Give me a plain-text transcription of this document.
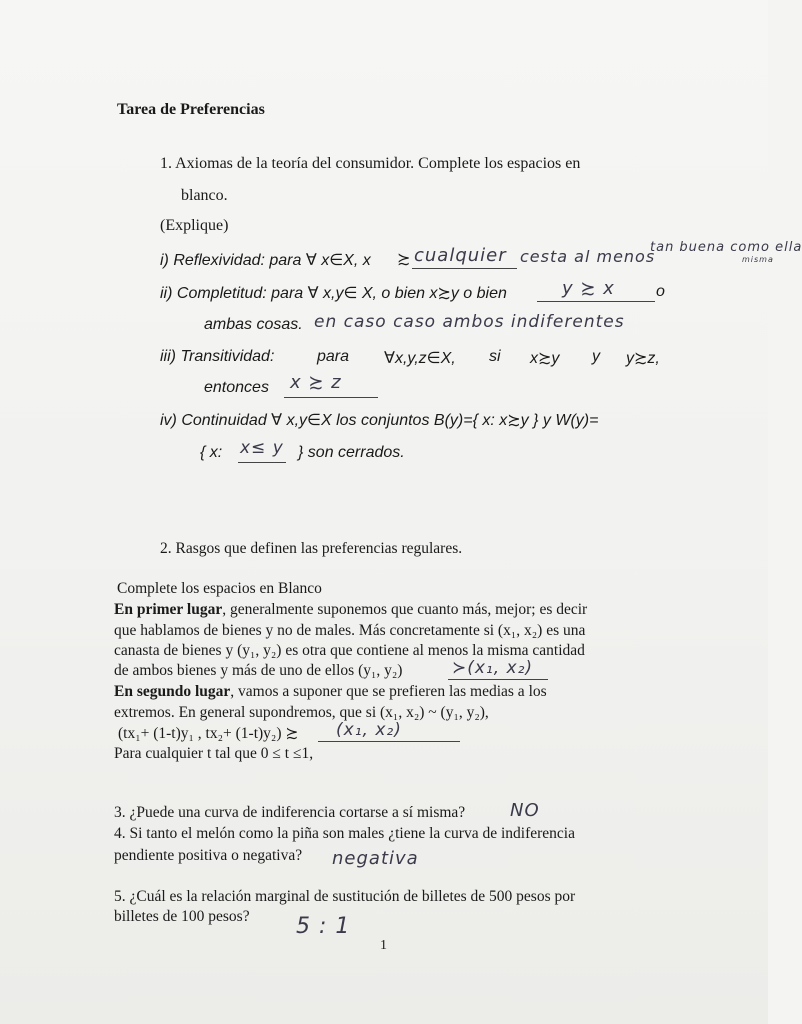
Tarea de Preferencias
1. Axiomas de la teoría del consumidor. Complete los espacios en
blanco.
(Explique)
i) Reflexividad: para ∀ x∈X, x ≿ cualquier cesta al menos
tan buena como ella
misma
ii) Completitud: para ∀ x,y∈ X, o bien x≿y o bien	y ≿ x	o
ambas cosas. en caso caso ambos indiferentes
iii) Transitividad:	para ∀x,y,z∈X, si x≿y y y≿z,
entonces x ≿ z
iv) Continuidad ∀ x,y∈X los conjuntos B(y)={ x: x≿y } y W(y)=
{ x: x≤ y } son cerrados.
2. Rasgos que definen las preferencias regulares.
Complete los espacios en Blanco
En primer lugar, generalmente suponemos que cuanto más, mejor; es decir
que hablamos de bienes y no de males. Más concretamente si (x₁, x₂) es una
canasta de bienes y (y₁, y₂) es otra que contiene al menos la misma cantidad
de ambos bienes y más de uno de ellos (y₁, y₂)	≻(x₁, x₂)
En segundo lugar, vamos a suponer que se prefieren las medias a los
extremos. En general supondremos, que si (x₁, x₂) ~ (y₁, y₂),
(tx₁+ (1-t)y₁ , tx₂+ (1-t)y₂) ≿ (x₁, x₂)
Para cualquier t tal que 0 ≤ t ≤1,
3. ¿Puede una curva de indiferencia cortarse a sí misma? NO
4. Si tanto el melón como la piña son males ¿tiene la curva de indiferencia
pendiente positiva o negativa? negativa
5. ¿Cuál es la relación marginal de sustitución de billetes de 500 pesos por
billetes de 100 pesos? 5 : 1
1
